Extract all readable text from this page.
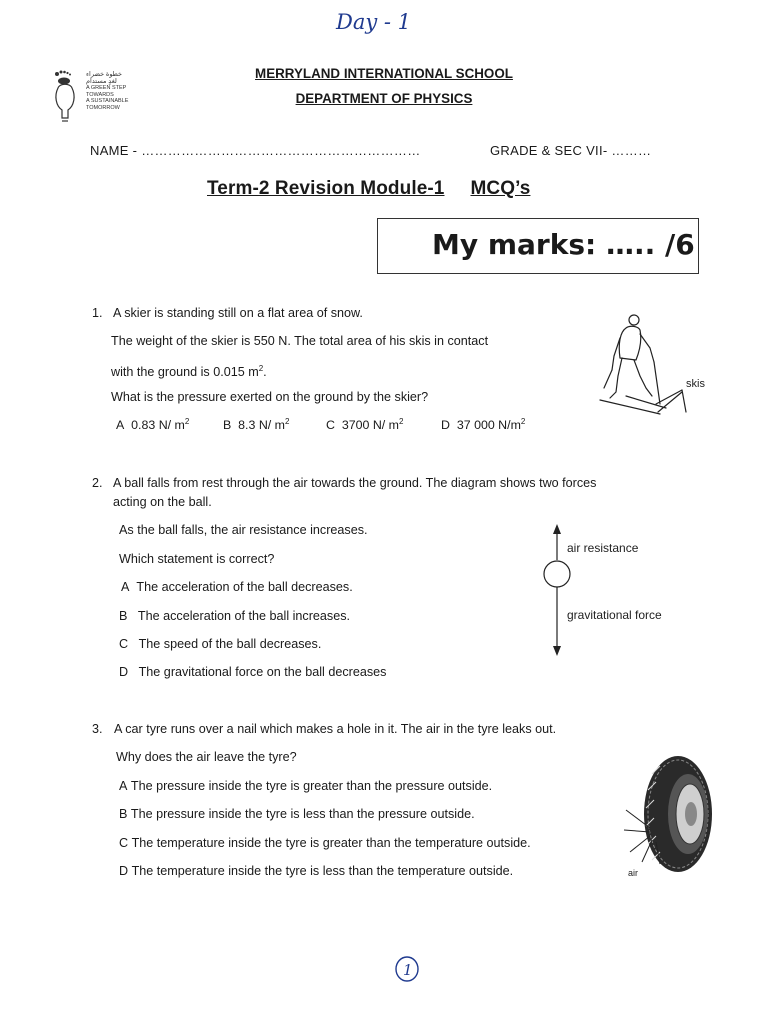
Day - 1
خطوة خضراء
لغدٍ مستدام
A GREEN STEP
TOWARDS
A SUSTAINABLE
TOMORROW
MERRYLAND INTERNATIONAL SCHOOL
DEPARTMENT OF PHYSICS
NAME - ………………………………………………………	GRADE & SEC VII- ………
Term-2 Revision Module-1 MCQ’s
My marks: ….. /6
1. A skier is standing still on a flat area of snow.
The weight of the skier is 550 N. The total area of his skis in contact
with the ground is 0.015 $m^2$.
What is the pressure exerted on the ground by the skier?
A 0.83 N/ $m^2$	B 8.3 N/ $m^2$	C 3700 N/ $m^2$	D 37 000 $N/m^2$
skis
2. A ball falls from rest through the air towards the ground. The diagram shows two forces
acting on the ball.
As the ball falls, the air resistance increases.
Which statement is correct?
A The acceleration of the ball decreases.
B The acceleration of the ball increases.
C The speed of the ball decreases.
D The gravitational force on the ball decreases
air resistance
gravitational force
3. A car tyre runs over a nail which makes a hole in it. The air in the tyre leaks out.
Why does the air leave the tyre?
A The pressure inside the tyre is greater than the pressure outside.
B The pressure inside the tyre is less than the pressure outside.
C The temperature inside the tyre is greater than the temperature outside.
D The temperature inside the tyre is less than the temperature outside.	air
1
